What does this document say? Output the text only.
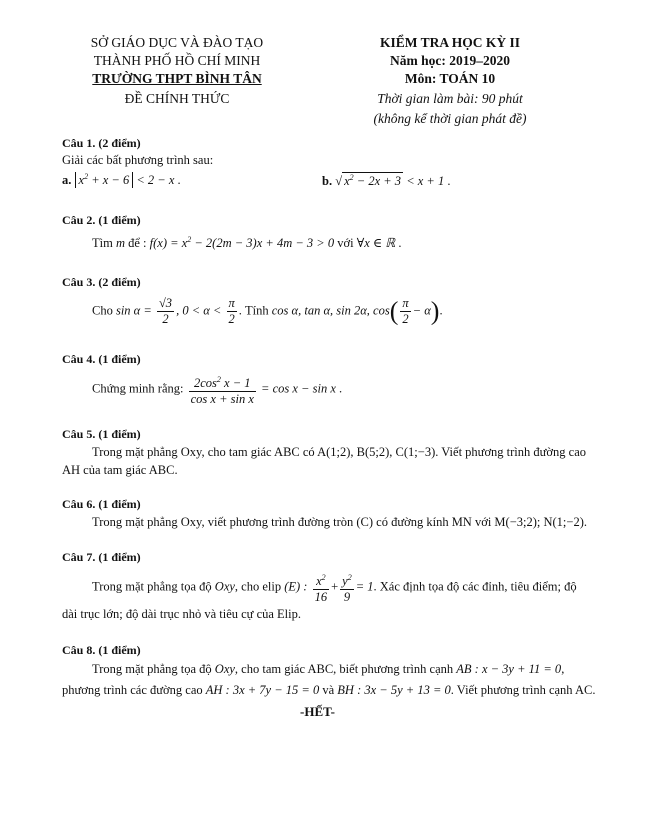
SỞ GIÁO DỤC VÀ ĐÀO TẠO
THÀNH PHỐ HỒ CHÍ MINH
TRƯỜNG THPT BÌNH TÂN
ĐỀ CHÍNH THỨC
KIỂM TRA HỌC KỲ II
Năm học: 2019–2020
Môn: TOÁN 10
Thời gian làm bài: 90 phút
(không kể thời gian phát đề)
Câu 1. (2 điểm)
Giải các bất phương trình sau:
a. $x^2 + x - 6 < 2 - x$ .	b. √ $x^2 - 2x + 3 < x + 1$ .
Câu 2. (1 điểm)
Tìm m để : $f(x) = x^2 - 2(2m - 3)x + 4m - 3 > 0$ với ∀x ∈ ℝ .
Câu 3. (2 điểm)
Cho $\sin \alpha = \frac{√3}{2}$ , $0 < \alpha < \frac{\pi}{2}$ . Tính cos α, tan α, sin 2α, $\cos( \frac{\pi}{2} - \alpha)$.
Câu 4. (1 điểm)
Chứng minh rằng: $\frac{2\cos^2 x - 1}{\text{cos x + sin x}} = \cos x - \sin x$ .
Câu 5. (1 điểm)
Trong mặt phẳng Oxy, cho tam giác ABC có A(1;2), B(5;2), C(1;−3). Viết phương trình đường cao
AH của tam giác ABC.
Câu 6. (1 điểm)
Trong mặt phẳng Oxy, viết phương trình đường tròn (C) có đường kính MN với M(−3;2); N(1;−2).
Câu 7. (1 điểm)
Trong mặt phẳng tọa độ Oxy, cho elip (E) : $\frac{x^2}{16} + \frac{y^2}{9} = 1$. Xác định tọa độ các đỉnh, tiêu điểm; độ
dài trục lớn; độ dài trục nhỏ và tiêu cự của Elip.
Câu 8. (1 điểm)
Trong mặt phẳng tọa độ Oxy, cho tam giác ABC, biết phương trình cạnh AB : x − 3y + 11 = 0,
phương trình các đường cao AH : 3x + 7y − 15 = 0 và BH : 3x − 5y + 13 = 0. Viết phương trình cạnh AC.
-HẾT-
